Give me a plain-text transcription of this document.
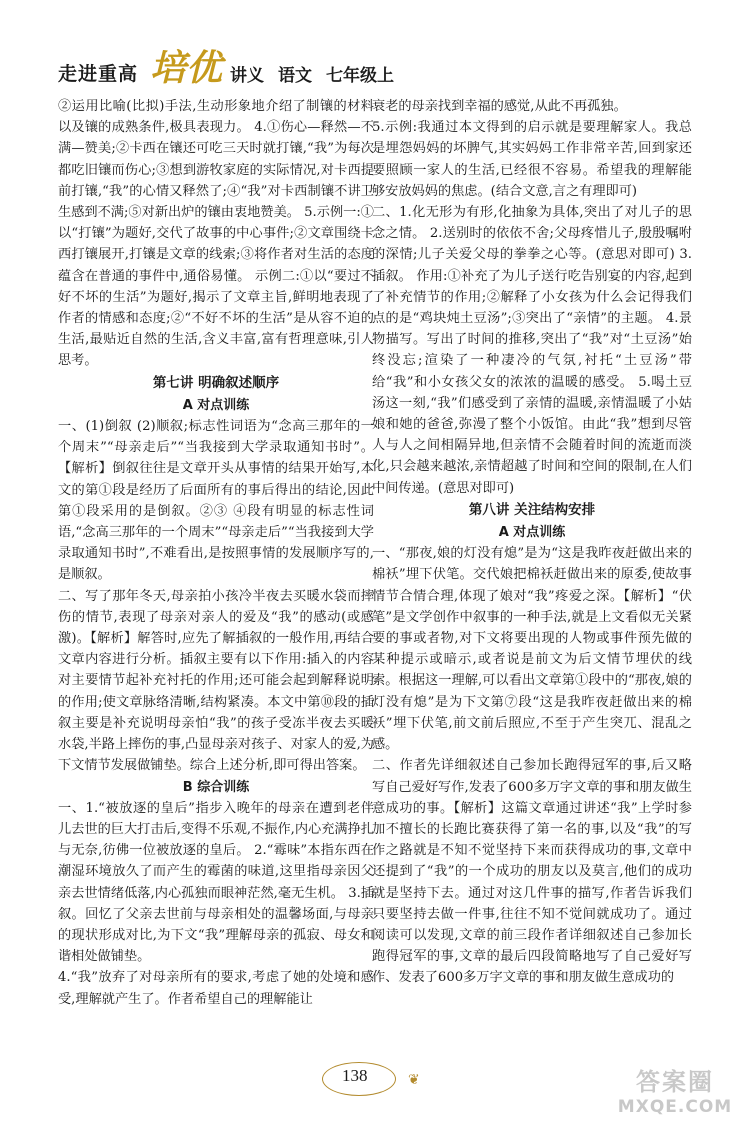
走进重高 培优 讲义 语文 七年级上

②运用比喻(比拟)手法,生动形象地介绍了制镶的材料以及镶的成熟条件,极具表现力。 4.①伤心—释然—不满—赞美;②卡西在镶还可吃三天时就打镶,“我”为每次都吃旧镶而伤心;③想到游牧家庭的实际情况,对卡西提前打镶,“我”的心情又释然了;④“我”对卡西制镶不讲卫生感到不满;⑤对新出炉的镶由衷地赞美。 5.示例一:①以“打镶”为题好,交代了故事的中心事件;②文章围绕卡西打镶展开,打镶是文章的线索;③将作者对生活的态度蕴含在普通的事件中,通俗易懂。 示例二:①以“要过不好不坏的生活”为题好,揭示了文章主旨,鲜明地表现了作者的情感和态度;②“不好不坏的生活”是从容不迫的生活,最贴近自然的生活,含义丰富,富有哲理意味,引人思考。

第七讲 明确叙述顺序
A 对点训练

一、(1)倒叙 (2)顺叙;标志性词语为“念高三那年的一个周末”“母亲走后”“当我接到大学录取通知书时”。【解析】倒叙往往是文章开头从事情的结果开始写,本文的第①段是经历了后面所有的事后得出的结论,因此第①段采用的是倒叙。②③ ④段有明显的标志性词语,“念高三那年的一个周末”“母亲走后”“当我接到大学录取通知书时”,不难看出,是按照事情的发展顺序写的,是顺叙。

二、写了那年冬天,母亲拍小孩冷半夜去买暖水袋而摔伤的情节,表现了母亲对亲人的爱及“我”的感动(或感激)。【解析】解答时,应先了解插叙的一般作用,再结合文章内容进行分析。插叙主要有以下作用:插入的内容对主要情节起补充衬托的作用;还可能会起到解释说明的作用;使文章脉络清晰,结构紧凑。本文中第⑩段的插叙主要是补充说明母亲怕“我”的孩子受冻半夜去买暖水袋,半路上摔伤的事,凸显母亲对孩子、对家人的爱,为下文情节发展做铺垫。综合上述分析,即可得出答案。

B 综合训练

一、1.“被放逐的皇后”指步入晚年的母亲在遭到老伴儿去世的巨大打击后,变得不乐观,不振作,内心充满挣扎与无奈,彷佛一位被放逐的皇后。 2.“霉味”本指东西在潮湿环境放久了而产生的霉菌的味道,这里指母亲因父亲去世情绪低落,内心孤独而眼神茫然,毫无生机。 3.插叙。回忆了父亲去世前与母亲相处的温馨场面,与母亲的现状形成对比,为下文“我”理解母亲的孤寂、母女和谐相处做铺垫。

4.“我”放弃了对母亲所有的要求,考虑了她的处境和感受,理解就产生了。作者希望自己的理解能让

衰老的母亲找到幸福的感觉,从此不再孤独。

5.示例:我通过本文得到的启示就是要理解家人。我总是埋怨妈妈的坏脾气,其实妈妈工作非常辛苦,回到家还要照顾一家人的生活,已经很不容易。希望我的理解能够安放妈妈的焦虑。(结合文意,言之有理即可)

二、1.化无形为有形,化抽象为具体,突出了对儿子的思念之情。 2.送别时的依依不舍;父母疼惜儿子,殷殷嘱咐的深情;儿子关爱父母的拳拳之心等。(意思对即可) 3.插叙。 作用:①补充了为儿子送行吃告别宴的内容,起到了补充情节的作用;②解释了小女孩为什么会记得我们点的是“鸡块炖土豆汤”;③突出了“亲情”的主题。 4.景物描写。写出了时间的推移,突出了“我”对“土豆汤”始终没忘;渲染了一种凄冷的气氛,衬托“土豆汤”带给“我”和小女孩父女的浓浓的温暖的感受。 5.喝土豆汤这一刻,“我”们感受到了亲情的温暖,亲情温暖了小姑娘和她的爸爸,弥漫了整个小饭馆。由此“我”想到尽管人与人之间相隔异地,但亲情不会随着时间的流逝而淡化,只会越来越浓,亲情超越了时间和空间的限制,在人们中间传递。(意思对即可)

第八讲 关注结构安排
A 对点训练

一、“那夜,娘的灯没有熄”是为“这是我昨夜赶做出来的棉袄”埋下伏笔。交代娘把棉袄赶做出来的原委,使故事情节合情合理,体现了娘对“我”疼爱之深。【解析】“伏笔”是文学创作中叙事的一种手法,就是上文看似无关紧要的事或者物,对下文将要出现的人物或事件预先做的某种提示或暗示,或者说是前文为后文情节埋伏的线索。根据这一理解,可以看出文章第①段中的“那夜,娘的灯没有熄”是为下文第⑦段“这是我昨夜赶做出来的棉袄”埋下伏笔,前文前后照应,不至于产生突兀、混乱之感。

二、作者先详细叙述自己参加长跑得冠军的事,后又略写自己爱好写作,发表了600多万字文章的事和朋友做生意成功的事。【解析】这篇文章通过讲述“我”上学时参加不擅长的长跑比赛获得了第一名的事,以及“我”的写作之路就是不知不觉坚持下来而获得成功的事,文章中还提到了“我”的一个成功的朋友以及莫言,他们的成功就是坚持下去。通过对这几件事的描写,作者告诉我们只要坚持去做一件事,往往不知不觉间就成功了。通过阅读可以发现,文章的前三段作者详细叙述自己参加长跑得冠军的事,文章的最后四段简略地写了自己爱好写作、发表了600多万字文章的事和朋友做生意成功的

138	❦	答案圈
MXQE.COM
